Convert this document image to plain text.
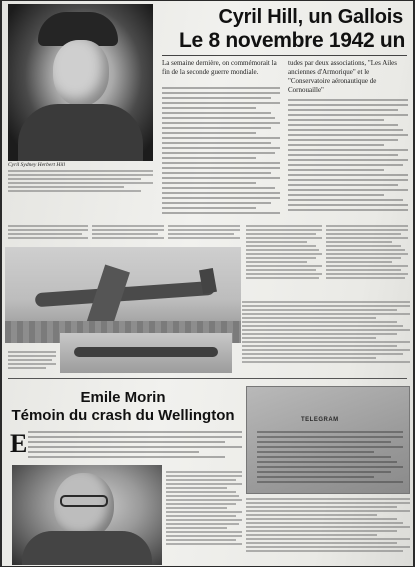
Cyril Sydney Herbert Hill
Cyril Hill, un Gallois
Le 8 novembre 1942 un
La semaine dernière, on commémorait la fin de la seconde guerre mondiale.
tudes par deux associations, "Les Ailes anciennes d'Armorique" et le "Conservatoire aéronautique de Cornouaille"
Emile Morin
Témoin du crash du Wellington
E
TELEGRAM
